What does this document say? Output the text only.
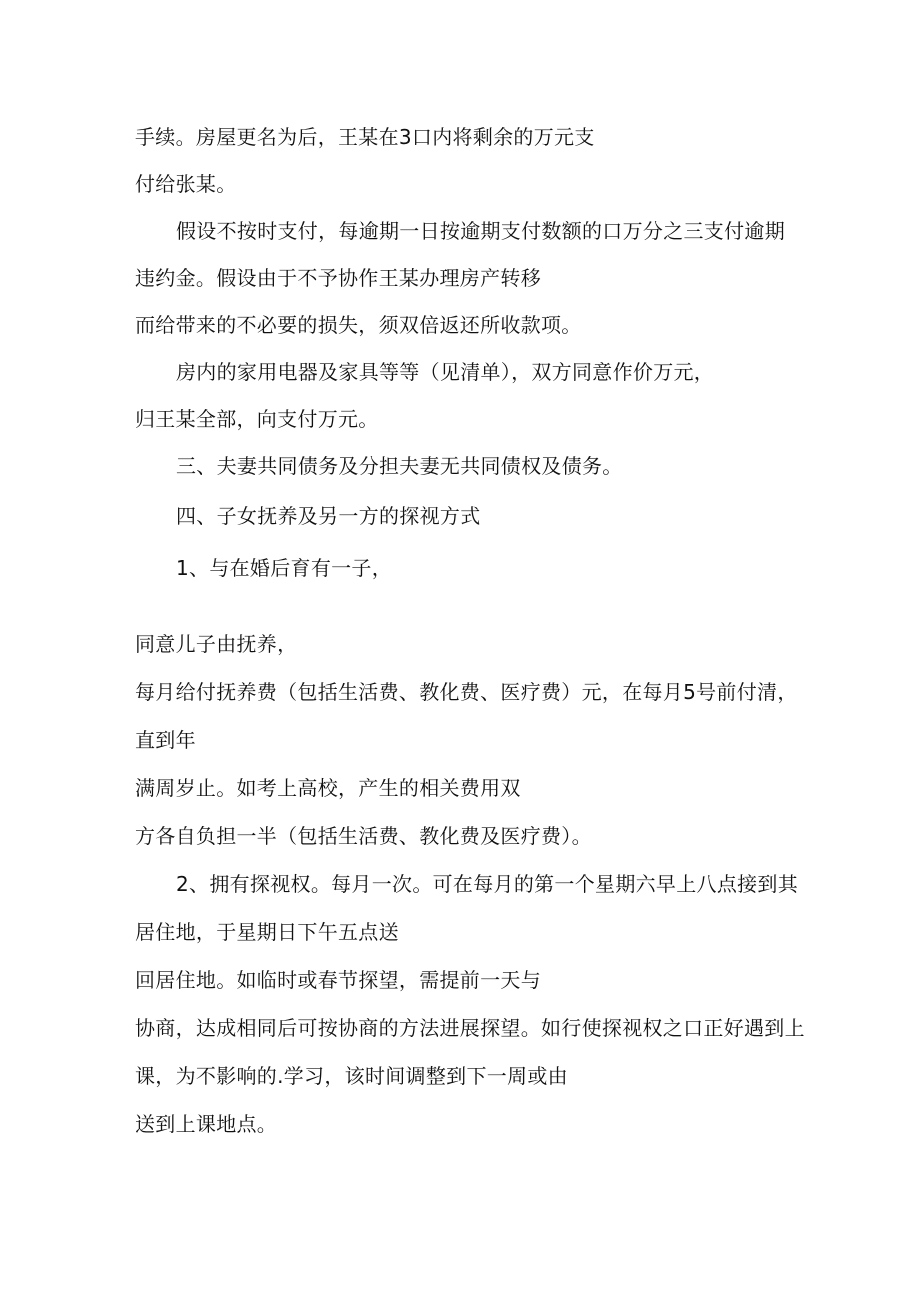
手续。房屋更名为后，王某在3口内将剩余的万元支
付给张某。
假设不按时支付，每逾期一日按逾期支付数额的口万分之三支付逾期
违约金。假设由于不予协作王某办理房产转移
而给带来的不必要的损失，须双倍返还所收款项。
房内的家用电器及家具等等（见清单），双方同意作价万元，
归王某全部，向支付万元。
三、夫妻共同债务及分担夫妻无共同债权及债务。
四、子女抚养及另一方的探视方式
1、与在婚后育有一子，
同意儿子由抚养，
每月给付抚养费（包括生活费、教化费、医疗费）元，在每月5号前付清，
直到年
满周岁止。如考上高校，产生的相关费用双
方各自负担一半（包括生活费、教化费及医疗费）。
2、拥有探视权。每月一次。可在每月的第一个星期六早上八点接到其
居住地，于星期日下午五点送
回居住地。如临时或春节探望，需提前一天与
协商，达成相同后可按协商的方法进展探望。如行使探视权之口正好遇到上
课，为不影响的.学习，该时间调整到下一周或由
送到上课地点。
